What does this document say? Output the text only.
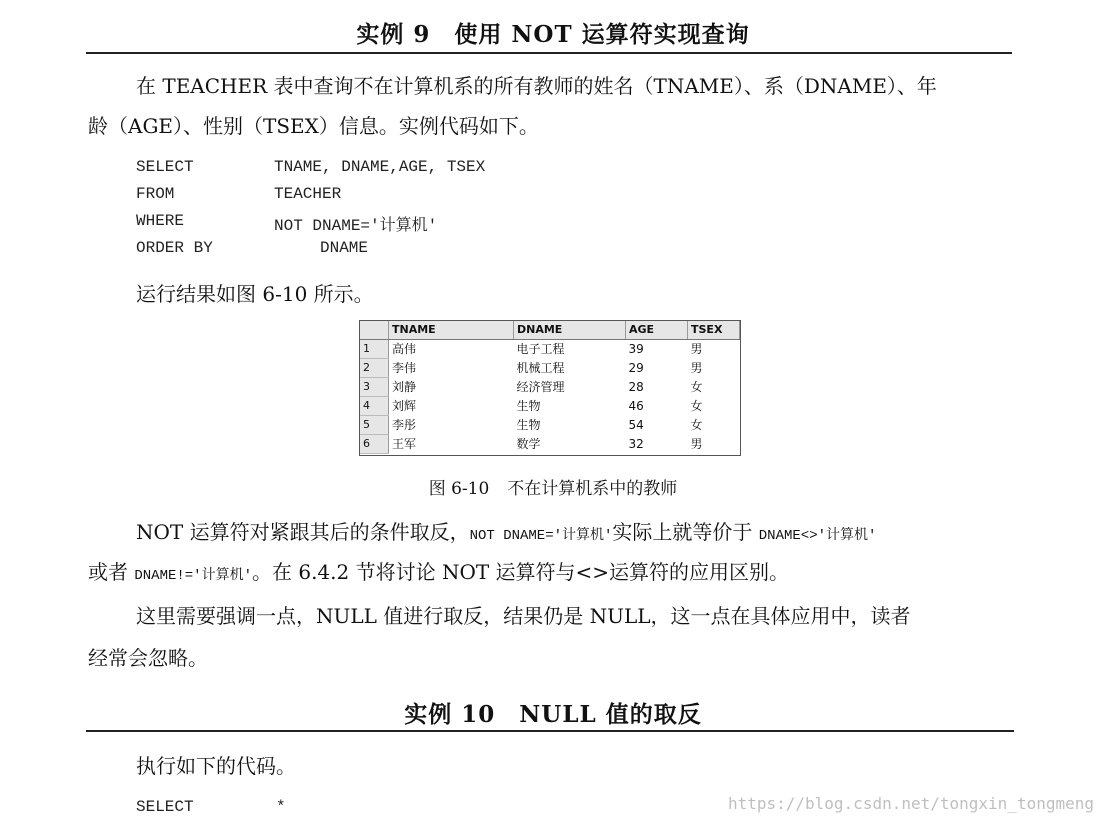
实例 9　使用 NOT 运算符实现查询
在 TEACHER 表中查询不在计算机系的所有教师的姓名（TNAME）、系（DNAME）、年
龄（AGE）、性别（TSEX）信息。实例代码如下。
SELECT	TNAME, DNAME,AGE, TSEX
FROM	TEACHER
WHERE	NOT DNAME='计算机'
ORDER BY	DNAME
运行结果如图 6-10 所示。
	TNAME	DNAME	AGE	TSEX
1	高伟	电子工程	39	男
2	李伟	机械工程	29	男
3	刘静	经济管理	28	女
4	刘辉	生物	46	女
5	李彤	生物	54	女
6	王军	数学	32	男
图 6-10 不在计算机系中的教师
NOT 运算符对紧跟其后的条件取反，NOT DNAME='计算机'实际上就等价于 DNAME<>'计算机'
或者 DNAME!='计算机'。在 6.4.2 节将讨论 NOT 运算符与<>运算符的应用区别。
这里需要强调一点，NULL 值进行取反，结果仍是 NULL，这一点在具体应用中，读者
经常会忽略。
实例 10　NULL 值的取反
执行如下的代码。
SELECT	*	https://blog.csdn.net/tongxin_tongmeng
